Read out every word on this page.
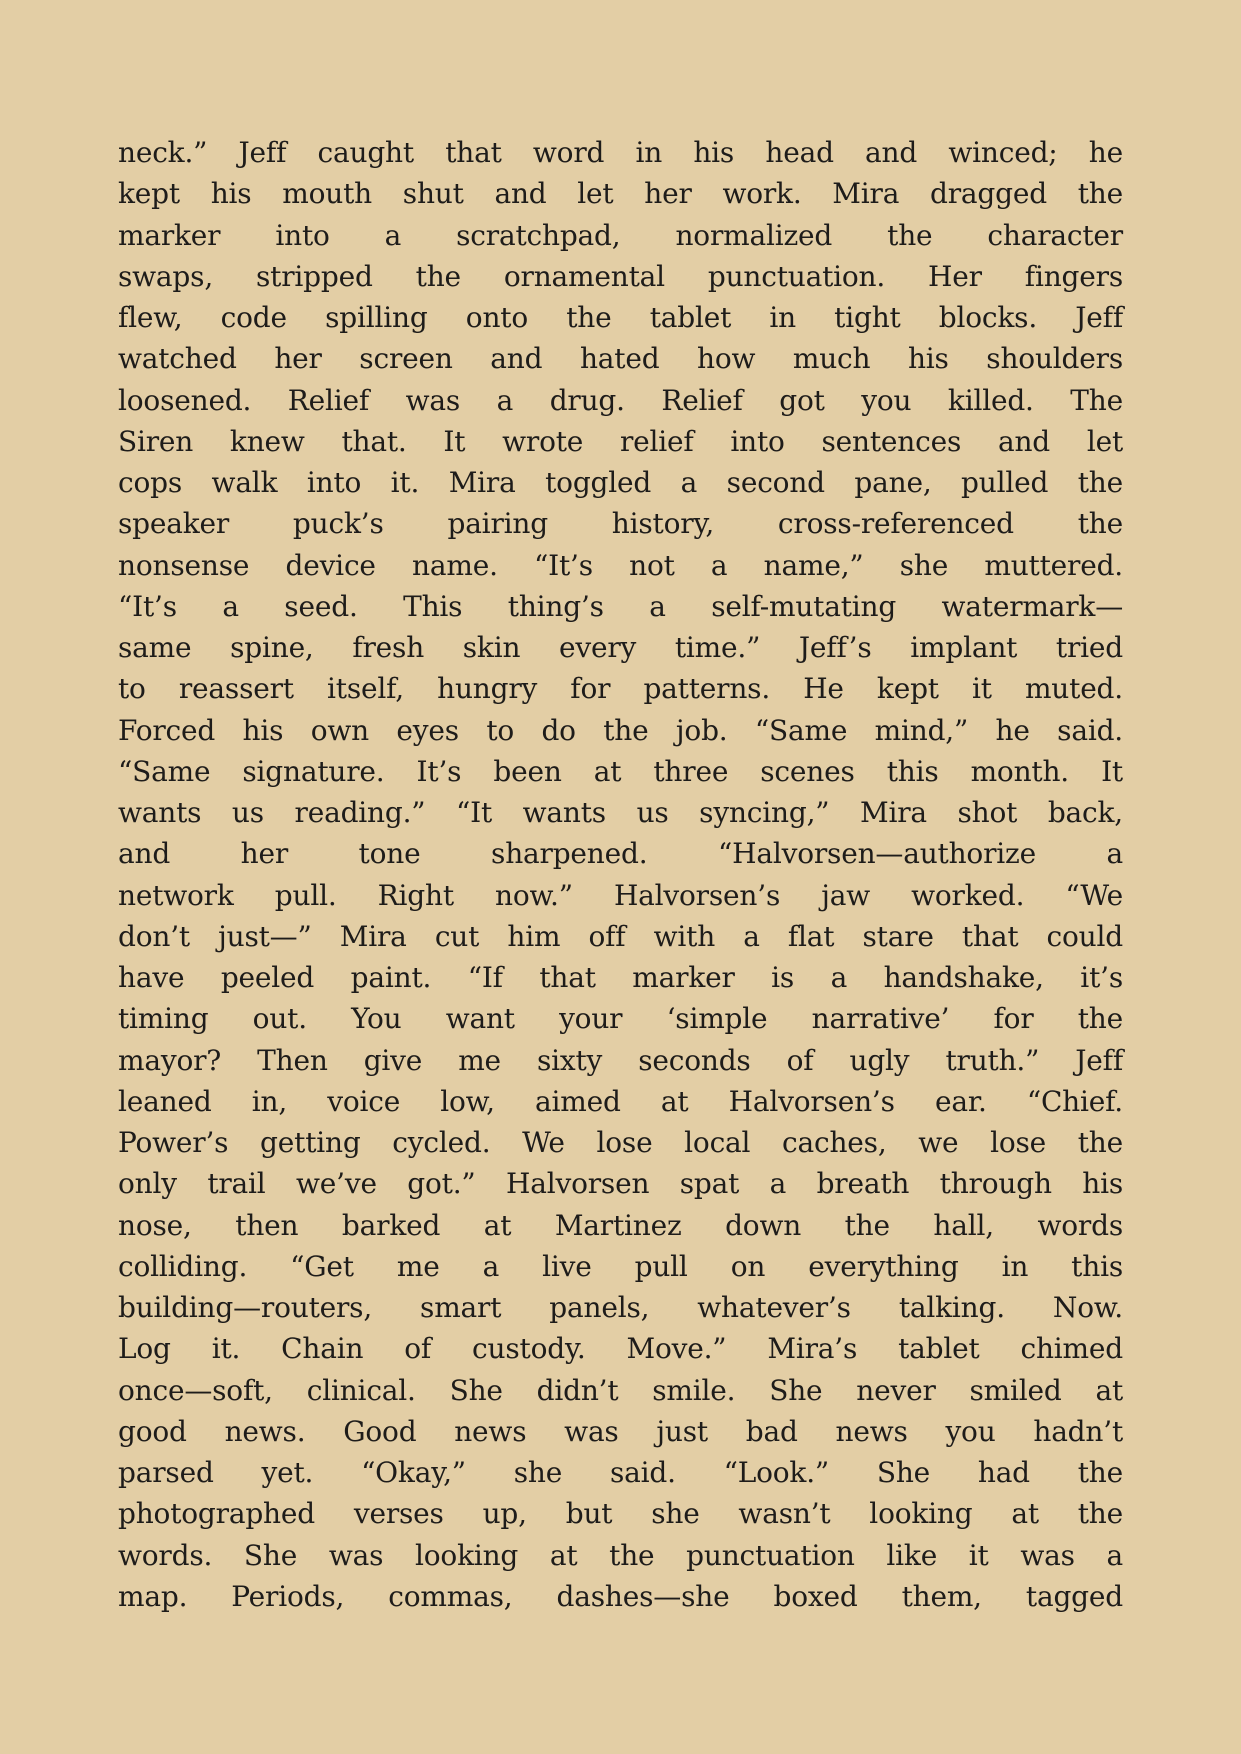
neck.” Jeff caught that word in his head and winced; he
kept his mouth shut and let her work. Mira dragged the
marker into a scratchpad, normalized the character
swaps, stripped the ornamental punctuation. Her fingers
flew, code spilling onto the tablet in tight blocks. Jeff
watched her screen and hated how much his shoulders
loosened. Relief was a drug. Relief got you killed. The
Siren knew that. It wrote relief into sentences and let
cops walk into it. Mira toggled a second pane, pulled the
speaker puck’s pairing history, cross-referenced the
nonsense device name. “It’s not a name,” she muttered.
“It’s a seed. This thing’s a self-mutating watermark—
same spine, fresh skin every time.” Jeff’s implant tried
to reassert itself, hungry for patterns. He kept it muted.
Forced his own eyes to do the job. “Same mind,” he said.
“Same signature. It’s been at three scenes this month. It
wants us reading.” “It wants us syncing,” Mira shot back,
and her tone sharpened. “Halvorsen—authorize a
network pull. Right now.” Halvorsen’s jaw worked. “We
don’t just—” Mira cut him off with a flat stare that could
have peeled paint. “If that marker is a handshake, it’s
timing out. You want your ‘simple narrative’ for the
mayor? Then give me sixty seconds of ugly truth.” Jeff
leaned in, voice low, aimed at Halvorsen’s ear. “Chief.
Power’s getting cycled. We lose local caches, we lose the
only trail we’ve got.” Halvorsen spat a breath through his
nose, then barked at Martinez down the hall, words
colliding. “Get me a live pull on everything in this
building—routers, smart panels, whatever’s talking. Now.
Log it. Chain of custody. Move.” Mira’s tablet chimed
once—soft, clinical. She didn’t smile. She never smiled at
good news. Good news was just bad news you hadn’t
parsed yet. “Okay,” she said. “Look.” She had the
photographed verses up, but she wasn’t looking at the
words. She was looking at the punctuation like it was a
map. Periods, commas, dashes—she boxed them, tagged
